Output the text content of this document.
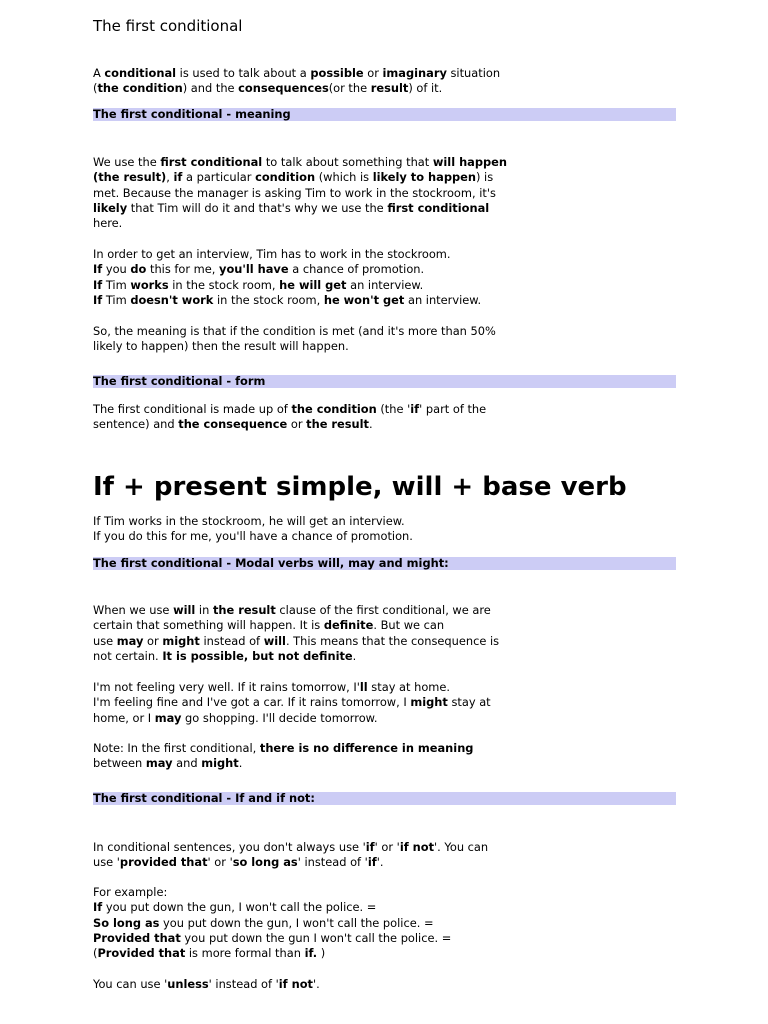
The first conditional
A conditional is used to talk about a possible or imaginary situation
(the condition) and the consequences(or the result) of it.
The first conditional - meaning
We use the first conditional to talk about something that will happen
(the result), if a particular condition (which is likely to happen) is
met. Because the manager is asking Tim to work in the stockroom, it's
likely that Tim will do it and that's why we use the first conditional
here.
In order to get an interview, Tim has to work in the stockroom.
If you do this for me, you'll have a chance of promotion.
If Tim works in the stock room, he will get an interview.
If Tim doesn't work in the stock room, he won't get an interview.
So, the meaning is that if the condition is met (and it's more than 50%
likely to happen) then the result will happen.
The first conditional - form
The first conditional is made up of the condition (the 'if' part of the
sentence) and the consequence or the result.
If + present simple, will + base verb
If Tim works in the stockroom, he will get an interview.
If you do this for me, you'll have a chance of promotion.
The first conditional - Modal verbs will, may and might:
When we use will in the result clause of the first conditional, we are
certain that something will happen. It is definite. But we can
use may or might instead of will. This means that the consequence is
not certain. It is possible, but not definite.
I'm not feeling very well. If it rains tomorrow, I'll stay at home.
I'm feeling fine and I've got a car. If it rains tomorrow, I might stay at
home, or I may go shopping. I'll decide tomorrow.
Note: In the first conditional, there is no difference in meaning
between may and might.
The first conditional - If and if not:
In conditional sentences, you don't always use 'if' or 'if not'. You can
use 'provided that' or 'so long as' instead of 'if'.
For example:
If you put down the gun, I won't call the police. =
So long as you put down the gun, I won't call the police. =
Provided that you put down the gun I won't call the police. =
(Provided that is more formal than if. )
You can use 'unless' instead of 'if not'.
